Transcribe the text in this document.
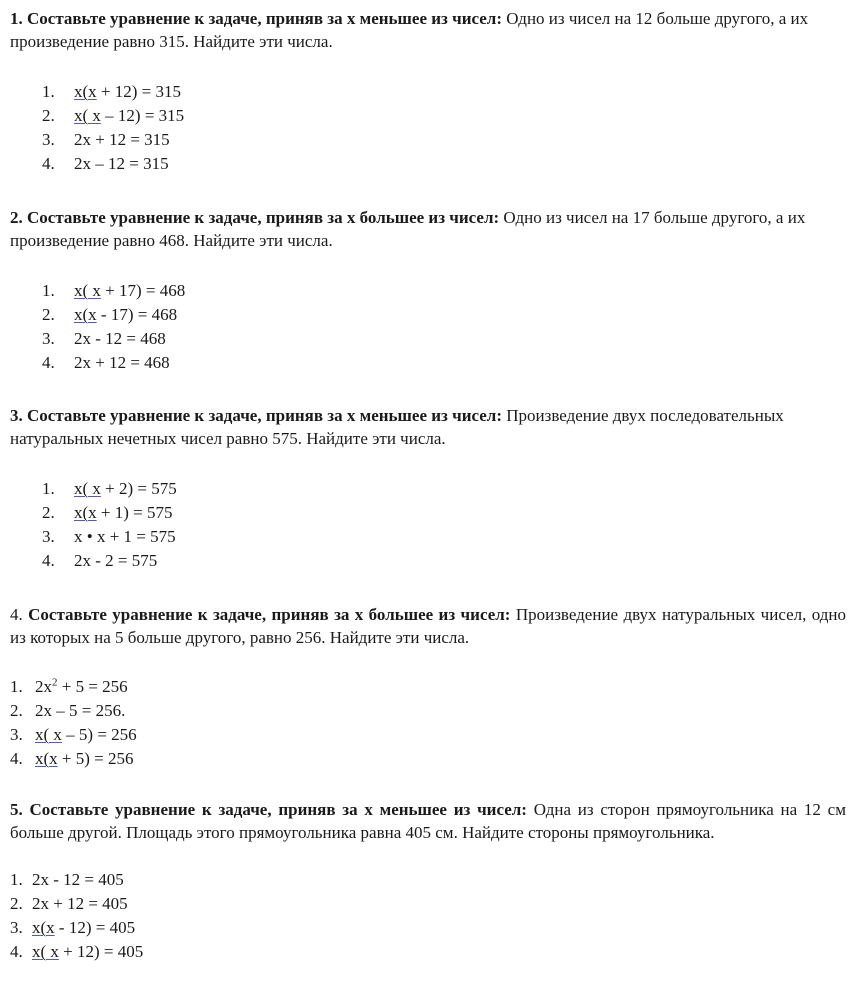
1. Составьте уравнение к задаче, приняв за х меньшее из чисел: Одно из чисел на 12 больше другого, а их произведение равно 315. Найдите эти числа.

1.	x(x + 12) = 315
2.	x( x – 12) = 315
3.	2x + 12 = 315
4.	2x – 12 = 315

2. Составьте уравнение к задаче, приняв за х большее из чисел: Одно из чисел на 17 больше другого, а их произведение равно 468. Найдите эти числа.

1.	x( x + 17) = 468
2.	x(x - 17) = 468
3.	2x - 12 = 468
4.	2x + 12 = 468

3. Составьте уравнение к задаче, приняв за х меньшее из чисел: Произведение двух последовательных натуральных нечетных чисел равно 575. Найдите эти числа.

1.	x( x + 2) = 575
2.	x(x + 1) = 575
3.	x • x + 1 = 575
4.	2x - 2 = 575

4. Составьте уравнение к задаче, приняв за х большее из чисел: Произведение двух натуральных чисел, одно из которых на 5 больше другого, равно 256. Найдите эти числа.

1. $2x^2 + 5 = 256$
2. 2x – 5 = 256.
3. x( x – 5) = 256
4. x(x + 5) = 256

5. Составьте уравнение к задаче, приняв за х меньшее из чисел: Одна из сторон прямоугольника на 12 см больше другой. Площадь этого прямоугольника равна 405 см. Найдите стороны прямоугольника.

1. 2x - 12 = 405
2. 2x + 12 = 405
3. x(x - 12) = 405
4. x( x + 12) = 405
